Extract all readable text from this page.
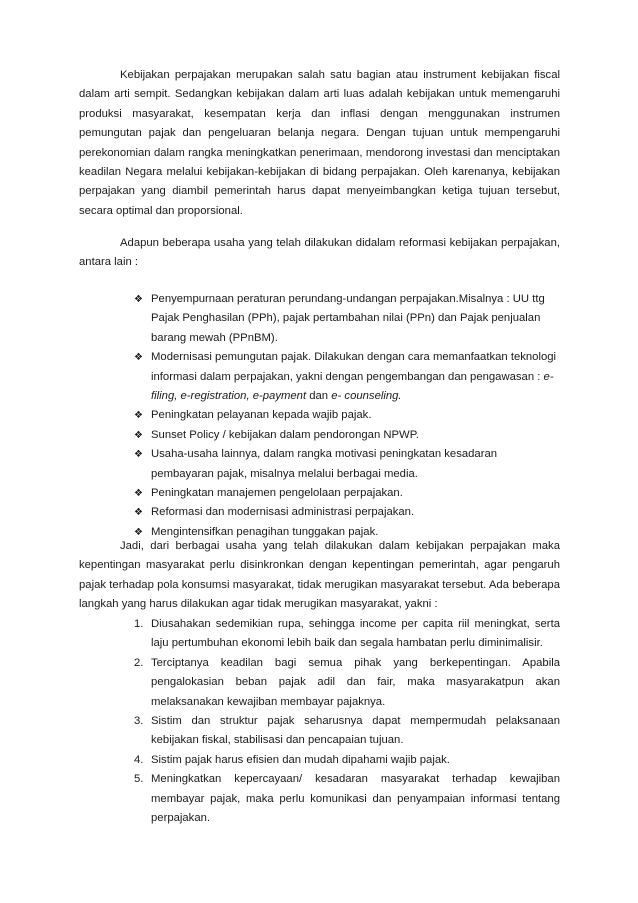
Kebijakan perpajakan merupakan salah satu bagian atau instrument kebijakan fiscal dalam arti sempit. Sedangkan kebijakan dalam arti luas adalah kebijakan untuk memengaruhi produksi masyarakat, kesempatan kerja dan inflasi dengan menggunakan instrumen pemungutan pajak dan pengeluaran belanja negara. Dengan tujuan untuk mempengaruhi perekonomian dalam rangka meningkatkan penerimaan, mendorong investasi dan menciptakan keadilan Negara melalui kebijakan-kebijakan di bidang perpajakan. Oleh karenanya, kebijakan perpajakan yang diambil pemerintah harus dapat menyeimbangkan ketiga tujuan tersebut, secara optimal dan proporsional.

Adapun beberapa usaha yang telah dilakukan didalam reformasi kebijakan perpajakan,    antara lain :

❖ Penyempurnaan peraturan perundang-undangan perpajakan.Misalnya : UU ttg Pajak Penghasilan (PPh), pajak pertambahan nilai (PPn) dan Pajak penjualan barang mewah (PPnBM).
❖ Modernisasi pemungutan pajak. Dilakukan dengan cara memanfaatkan teknologi informasi dalam perpajakan, yakni dengan pengembangan dan pengawasan : e-filing, e-registration, e-payment dan e- counseling.
❖ Peningkatan pelayanan kepada wajib pajak.
❖ Sunset Policy / kebijakan dalam pendorongan NPWP.
❖ Usaha-usaha lainnya, dalam rangka motivasi peningkatan kesadaran pembayaran pajak, misalnya melalui berbagai media.
❖ Peningkatan manajemen pengelolaan perpajakan.
❖ Reformasi dan modernisasi administrasi perpajakan.
❖ Mengintensifkan penagihan tunggakan pajak.

Jadi, dari berbagai usaha yang telah dilakukan dalam kebijakan perpajakan maka kepentingan masyarakat perlu disinkronkan dengan kepentingan pemerintah, agar pengaruh pajak terhadap pola konsumsi masyarakat, tidak merugikan masyarakat tersebut. Ada beberapa langkah yang harus dilakukan agar tidak merugikan masyarakat, yakni :

1. Diusahakan sedemikian rupa, sehingga income per capita riil meningkat, serta laju pertumbuhan ekonomi lebih baik dan segala hambatan perlu diminimalisir.
2. Terciptanya keadilan bagi semua pihak yang berkepentingan. Apabila pengalokasian beban pajak adil dan fair, maka masyarakatpun akan melaksanakan kewajiban membayar pajaknya.
3. Sistim dan struktur pajak seharusnya dapat mempermudah pelaksanaan kebijakan fiskal, stabilisasi dan pencapaian tujuan.
4. Sistim pajak harus efisien dan mudah dipahami wajib pajak.
5. Meningkatkan kepercayaan/ kesadaran masyarakat terhadap kewajiban membayar pajak, maka perlu komunikasi dan penyampaian informasi tentang perpajakan.
